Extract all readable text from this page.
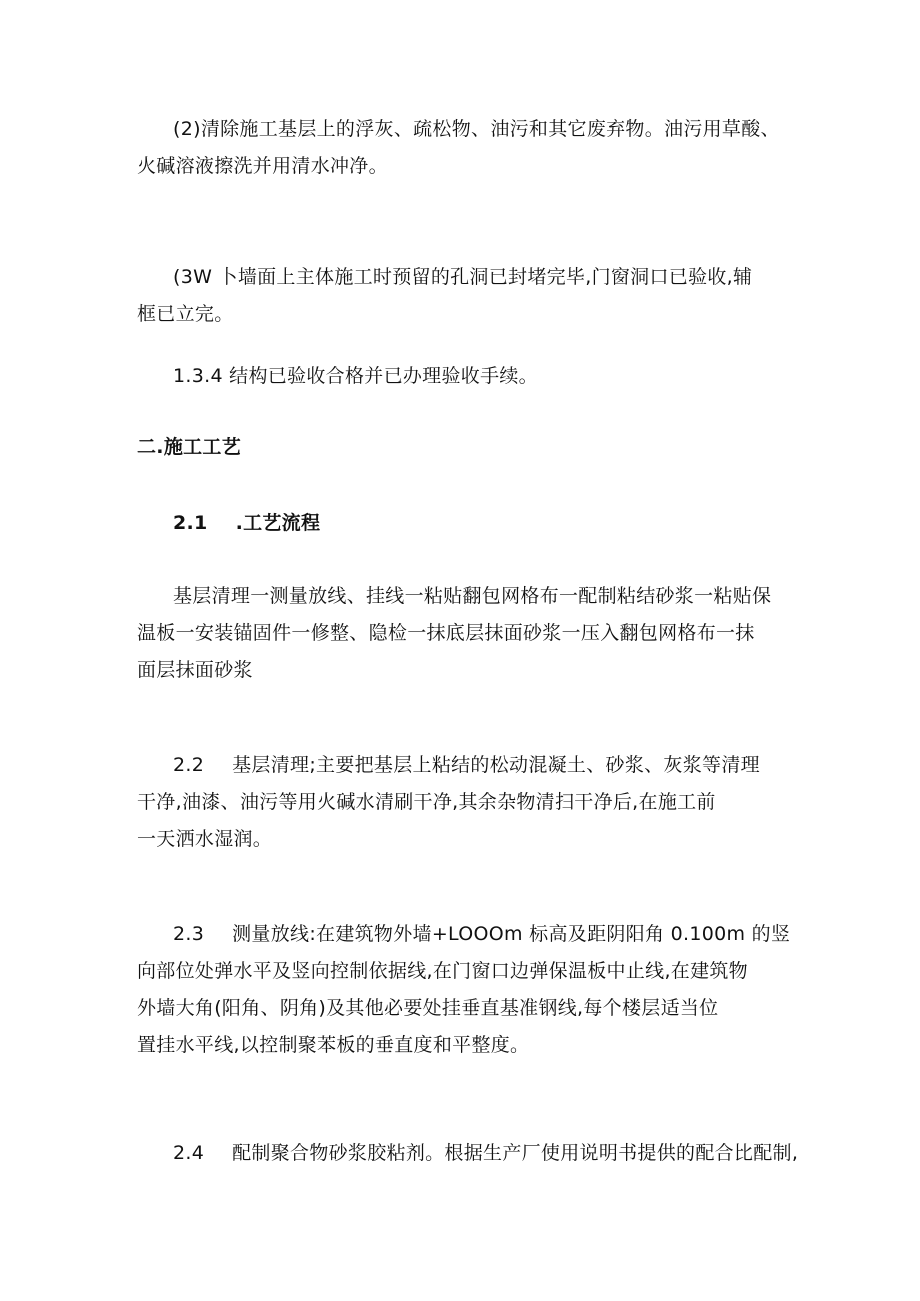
(2)清除施工基层上的浮灰、疏松物、油污和其它废弃物。油污用草酸、
火碱溶液擦洗并用清水冲净。

(3W 卜墙面上主体施工时预留的孔洞已封堵完毕,门窗洞口已验收,辅
框已立完。

1.3.4 结构已验收合格并已办理验收手续。

二.施工工艺

2.1 .工艺流程

基层清理一测量放线、挂线一粘贴翻包网格布一配制粘结砂浆一粘贴保
温板一安装锚固件一修整、隐检一抹底层抹面砂浆一压入翻包网格布一抹
面层抹面砂浆

2.2 基层清理;主要把基层上粘结的松动混凝土、砂浆、灰浆等清理
干净,油漆、油污等用火碱水清刷干净,其余杂物清扫干净后,在施工前
一天洒水湿润。

2.3 测量放线:在建筑物外墙+LOOOm 标高及距阴阳角 0.100m 的竖
向部位处弹水平及竖向控制依据线,在门窗口边弹保温板中止线,在建筑物
外墙大角(阳角、阴角)及其他必要处挂垂直基准钢线,每个楼层适当位
置挂水平线,以控制聚苯板的垂直度和平整度。

2.4 配制聚合物砂浆胶粘剂。根据生产厂使用说明书提供的配合比配制,
